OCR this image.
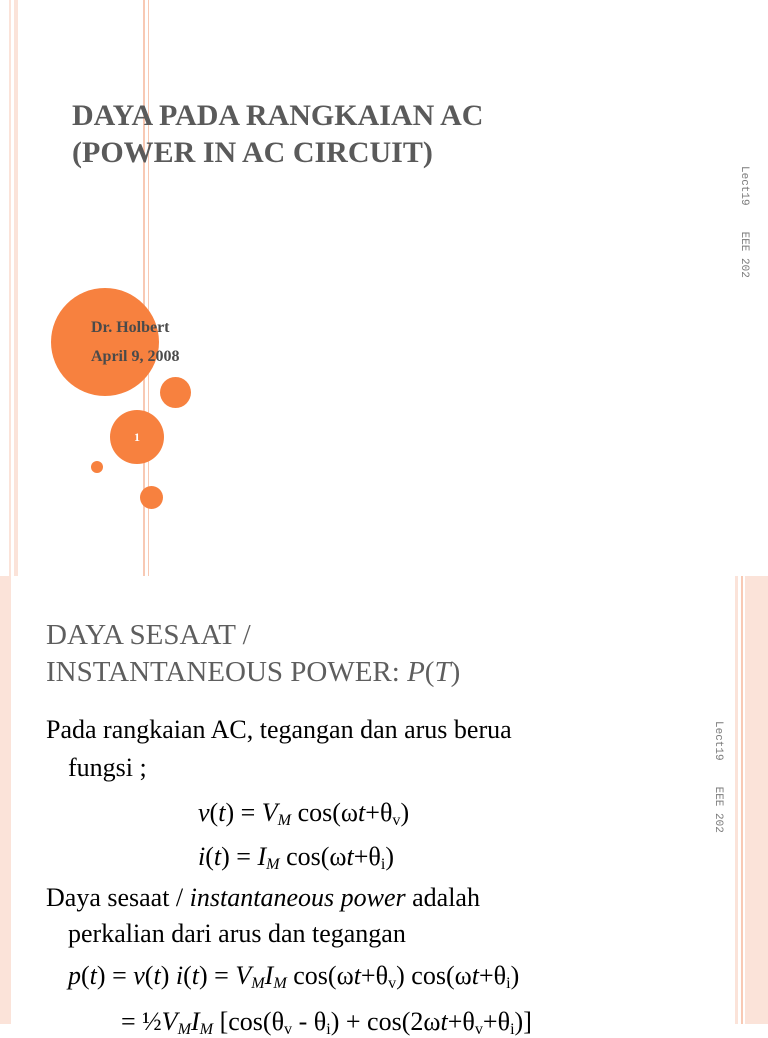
DAYA PADA RANGKAIAN AC
(POWER IN AC CIRCUIT)
Dr. Holbert
April 9, 2008
1
Lect19EEE 202
DAYA SESAAT /
INSTANTANEOUS POWER: P(T)
Lect19EEE 202
Pada rangkaian AC, tegangan dan arus berua
fungsi ;
$v(t) = V_M$ $\cos(\omega t+\theta_v)$
$i(t) = I_M$ $\cos(\omega t+\theta_i)$
Daya sesaat / instantaneous power adalah
perkalian dari arus dan tegangan
p(t) = v(t) $i(t) = V_MI_M$ $\cos(\omega t+\theta_v)$ $\cos(\omega t+\theta_i)$
= $\frac{1}{2}V_MI_M$ $[\cos(\theta_v - \theta_i) + \cos(2\omega t+\theta_v+\theta_i)]$
